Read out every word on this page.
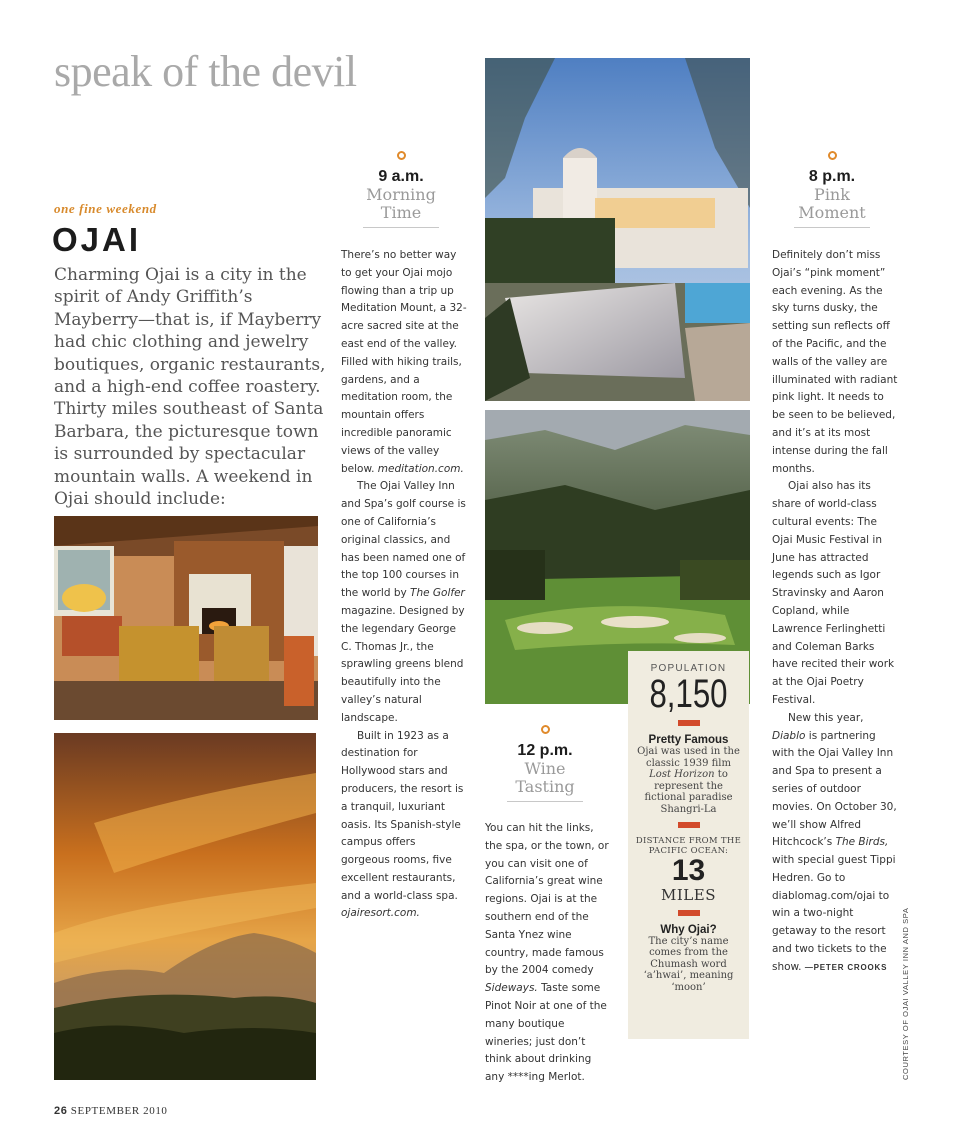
speak of the devil
one fine weekend
OJAI
Charming Ojai is a city in the spirit of Andy Griffith’s Mayberry—that is, if Mayberry had chic clothing and jewelry boutiques, organic restaurants, and a high-end coffee roastery. Thirty miles southeast of Santa Barbara, the picturesque town is surrounded by spectacular mountain walls. A weekend in Ojai should include:
9 a.m.
Morning
Time

There’s no better way to get your Ojai mojo flowing than a trip up Meditation Mount, a 32-acre sacred site at the east end of the valley. Filled with hiking trails, gardens, and a meditation room, the mountain offers incredible panoramic views of the valley below. meditation.com.

The Ojai Valley Inn and Spa’s golf course is one of California’s original classics, and has been named one of the top 100 courses in the world by The Golfer magazine. Designed by the legendary George C. Thomas Jr., the sprawling greens blend beautifully into the valley’s natural landscape.

Built in 1923 as a destination for Hollywood stars and producers, the resort is a tranquil, luxuriant oasis. Its Spanish-style campus offers gorgeous rooms, five excellent restaurants, and a world-class spa. ojairesort.com.

12 p.m.
Wine
Tasting

You can hit the links, the spa, or the town, or you can visit one of California’s great wine regions. Ojai is at the southern end of the Santa Ynez wine country, made famous by the 2004 comedy Sideways. Taste some Pinot Noir at one of the many boutique wineries; just don’t think about drinking any ****ing Merlot.

8 p.m.
Pink
Moment

Definitely don’t miss Ojai’s “pink moment” each evening. As the sky turns dusky, the setting sun reflects off of the Pacific, and the walls of the valley are illuminated with radiant pink light. It needs to be seen to be believed, and it’s at its most intense during the fall months.

Ojai also has its share of world-class cultural events: The Ojai Music Festival in June has attracted legends such as Igor Stravinsky and Aaron Copland, while Lawrence Ferlinghetti and Coleman Barks have recited their work at the Ojai Poetry Festival.

New this year, Diablo is partnering with the Ojai Valley Inn and Spa to present a series of outdoor movies. On October 30, we’ll show Alfred Hitchcock’s The Birds, with special guest Tippi Hedren. Go to diablomag.com/ojai to win a two-night getaway to the resort and two tickets to the show. —PETER CROOKS

POPULATION
8,150
Pretty Famous
Ojai was used in the classic 1939 film Lost Horizon to represent the fictional paradise Shangri-La
DISTANCE FROM THE PACIFIC OCEAN:
13
MILES
Why Ojai?
The city’s name comes from the Chumash word ‘a’hwai’, meaning ‘moon’
26 SEPTEMBER 2010
COURTESY OF OJAI VALLEY INN AND SPA
